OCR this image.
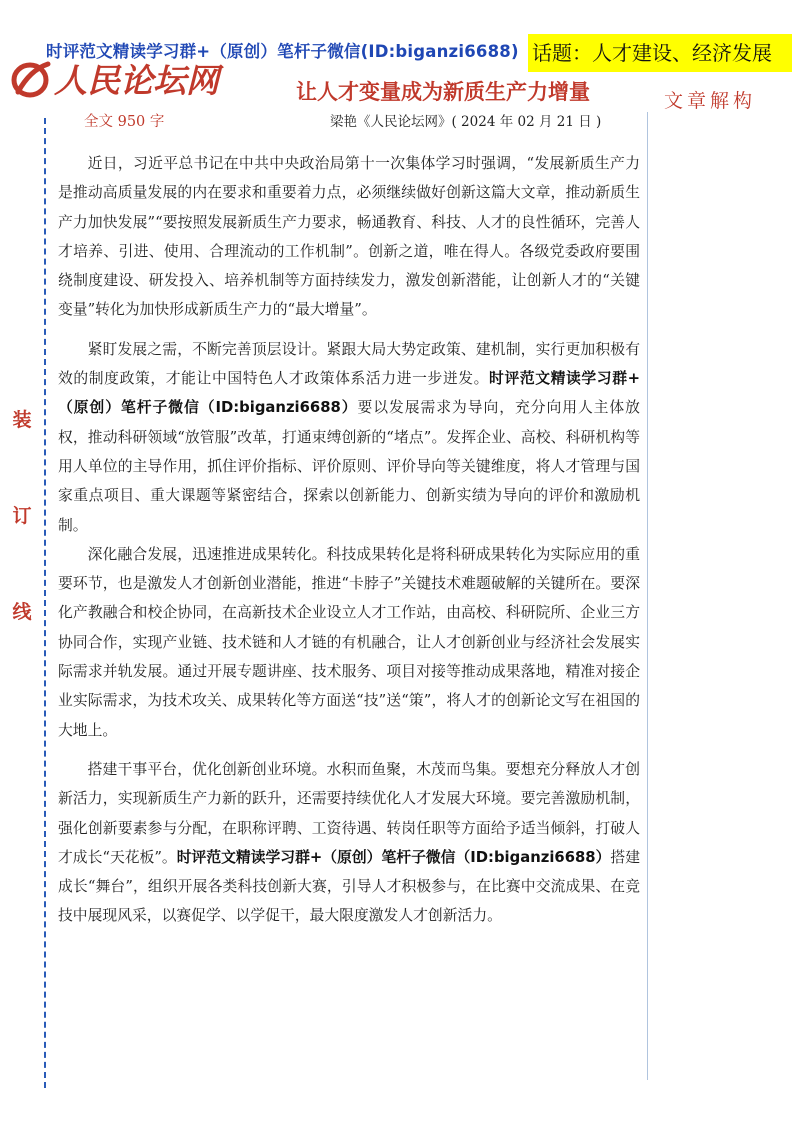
时评范文精读学习群+（原创）笔杆子微信(ID:biganzi6688) 话题：人才建设、经济发展
人民论坛网	让人才变量成为新质生产力增量	文章解构
全文 950 字	梁艳《人民论坛网》( 2024 年 02 月 21 日 )
装
订
线

近日，习近平总书记在中共中央政治局第十一次集体学习时强调，“发展新质生产力是推动高质量发展的内在要求和重要着力点，必须继续做好创新这篇大文章，推动新质生产力加快发展”“要按照发展新质生产力要求，畅通教育、科技、人才的良性循环，完善人才培养、引进、使用、合理流动的工作机制”。创新之道，唯在得人。各级党委政府要围绕制度建设、研发投入、培养机制等方面持续发力，激发创新潜能，让创新人才的“关键变量”转化为加快形成新质生产力的“最大增量”。

紧盯发展之需，不断完善顶层设计。紧跟大局大势定政策、建机制，实行更加积极有效的制度政策，才能让中国特色人才政策体系活力进一步迸发。时评范文精读学习群+（原创）笔杆子微信（ID:biganzi6688）要以发展需求为导向，充分向用人主体放权，推动科研领域“放管服”改革，打通束缚创新的“堵点”。发挥企业、高校、科研机构等用人单位的主导作用，抓住评价指标、评价原则、评价导向等关键维度，将人才管理与国家重点项目、重大课题等紧密结合，探索以创新能力、创新实绩为导向的评价和激励机制。

深化融合发展，迅速推进成果转化。科技成果转化是将科研成果转化为实际应用的重要环节，也是激发人才创新创业潜能，推进“卡脖子”关键技术难题破解的关键所在。要深化产教融合和校企协同，在高新技术企业设立人才工作站，由高校、科研院所、企业三方协同合作，实现产业链、技术链和人才链的有机融合，让人才创新创业与经济社会发展实际需求并轨发展。通过开展专题讲座、技术服务、项目对接等推动成果落地，精准对接企业实际需求，为技术攻关、成果转化等方面送“技”送“策”，将人才的创新论文写在祖国的大地上。

搭建干事平台，优化创新创业环境。水积而鱼聚，木茂而鸟集。要想充分释放人才创新活力，实现新质生产力新的跃升，还需要持续优化人才发展大环境。要完善激励机制，强化创新要素参与分配，在职称评聘、工资待遇、转岗任职等方面给予适当倾斜，打破人才成长“天花板”。时评范文精读学习群+（原创）笔杆子微信（ID:biganzi6688）搭建成长“舞台”，组织开展各类科技创新大赛，引导人才积极参与，在比赛中交流成果、在竞技中展现风采，以赛促学、以学促干，最大限度激发人才创新活力。
